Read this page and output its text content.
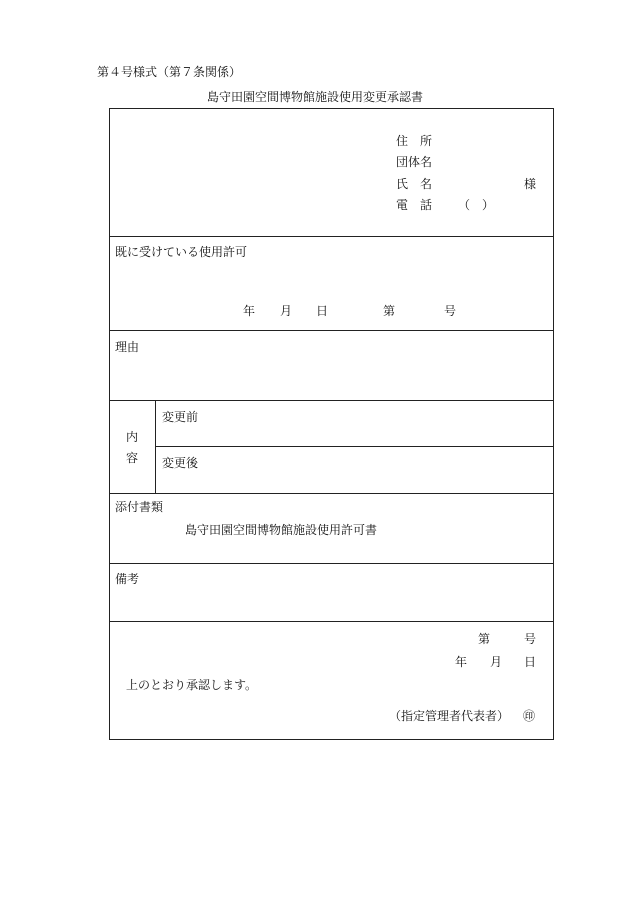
第４号様式（第７条関係）
島守田園空間博物館施設使用変更承認書
住　所
団体名
氏　名	様
電　話 （ ）
既に受けている使用許可
年 月 日	第	号
理由
内
容
変更前
変更後
添付書類
島守田園空間博物館施設使用許可書
備考
第	号
年 月 日
上のとおり承認します。
（指定管理者代表者） ㊞
